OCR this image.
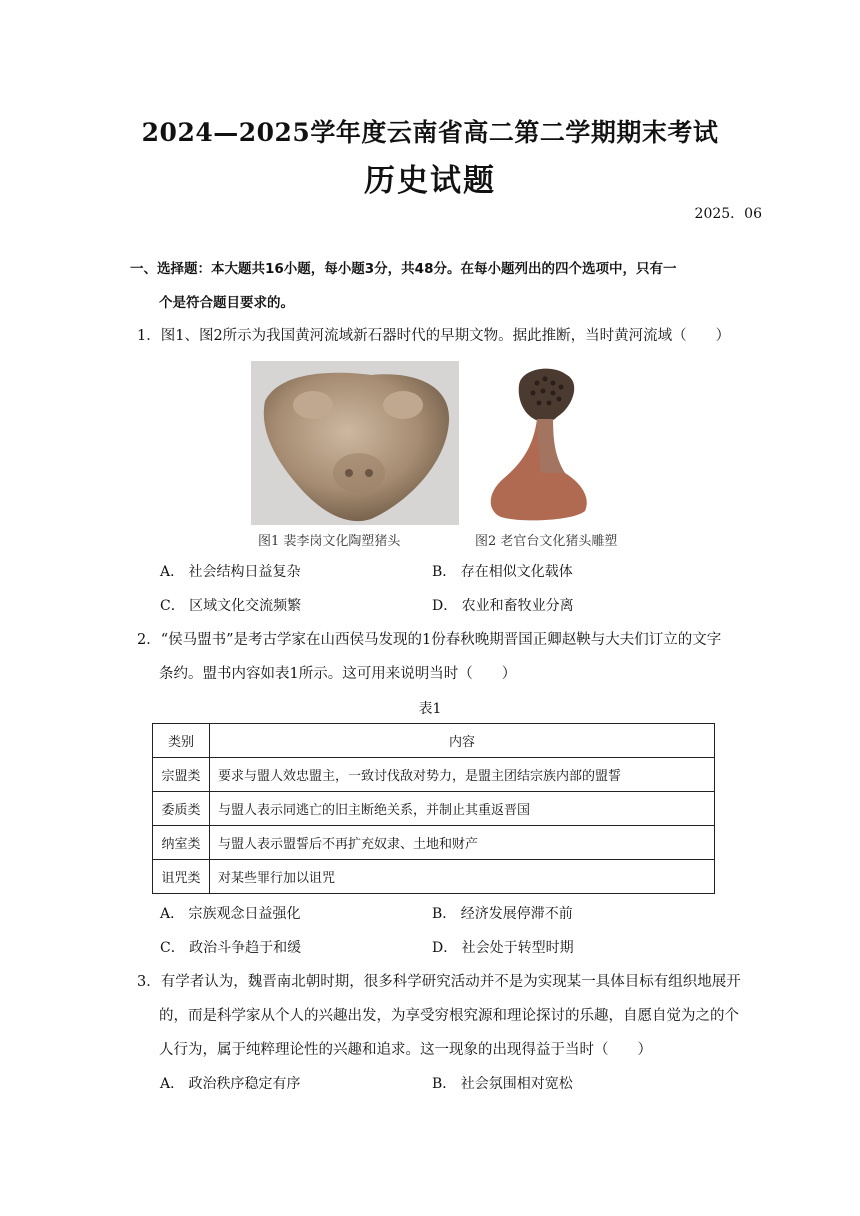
2024—2025学年度云南省高二第二学期期末考试
历史试题
2025．06
一、选择题：本大题共16小题，每小题3分，共48分。在每小题列出的四个选项中，只有一
个是符合题目要求的。
1．图1、图2所示为我国黄河流域新石器时代的早期文物。据此推断，当时黄河流域（　　）
图1 裴李岗文化陶塑猪头	图2 老官台文化猪头雕塑
A． 社会结构日益复杂	B． 存在相似文化载体
C． 区域文化交流频繁	D． 农业和畜牧业分离
2．“侯马盟书”是考古学家在山西侯马发现的1份春秋晚期晋国正卿赵鞅与大夫们订立的文字
条约。盟书内容如表1所示。这可用来说明当时（　　）
表1
类别	内容
宗盟类	要求与盟人效忠盟主，一致讨伐敌对势力，是盟主团结宗族内部的盟誓
委质类	与盟人表示同逃亡的旧主断绝关系，并制止其重返晋国
纳室类	与盟人表示盟誓后不再扩充奴隶、土地和财产
诅咒类	对某些罪行加以诅咒
A． 宗族观念日益强化	B． 经济发展停滞不前
C． 政治斗争趋于和缓	D． 社会处于转型时期
3．有学者认为，魏晋南北朝时期，很多科学研究活动并不是为实现某一具体目标有组织地展开
的，而是科学家从个人的兴趣出发，为享受穷根究源和理论探讨的乐趣，自愿自觉为之的个
人行为，属于纯粹理论性的兴趣和追求。这一现象的出现得益于当时（　　）
A． 政治秩序稳定有序	B． 社会氛围相对宽松
